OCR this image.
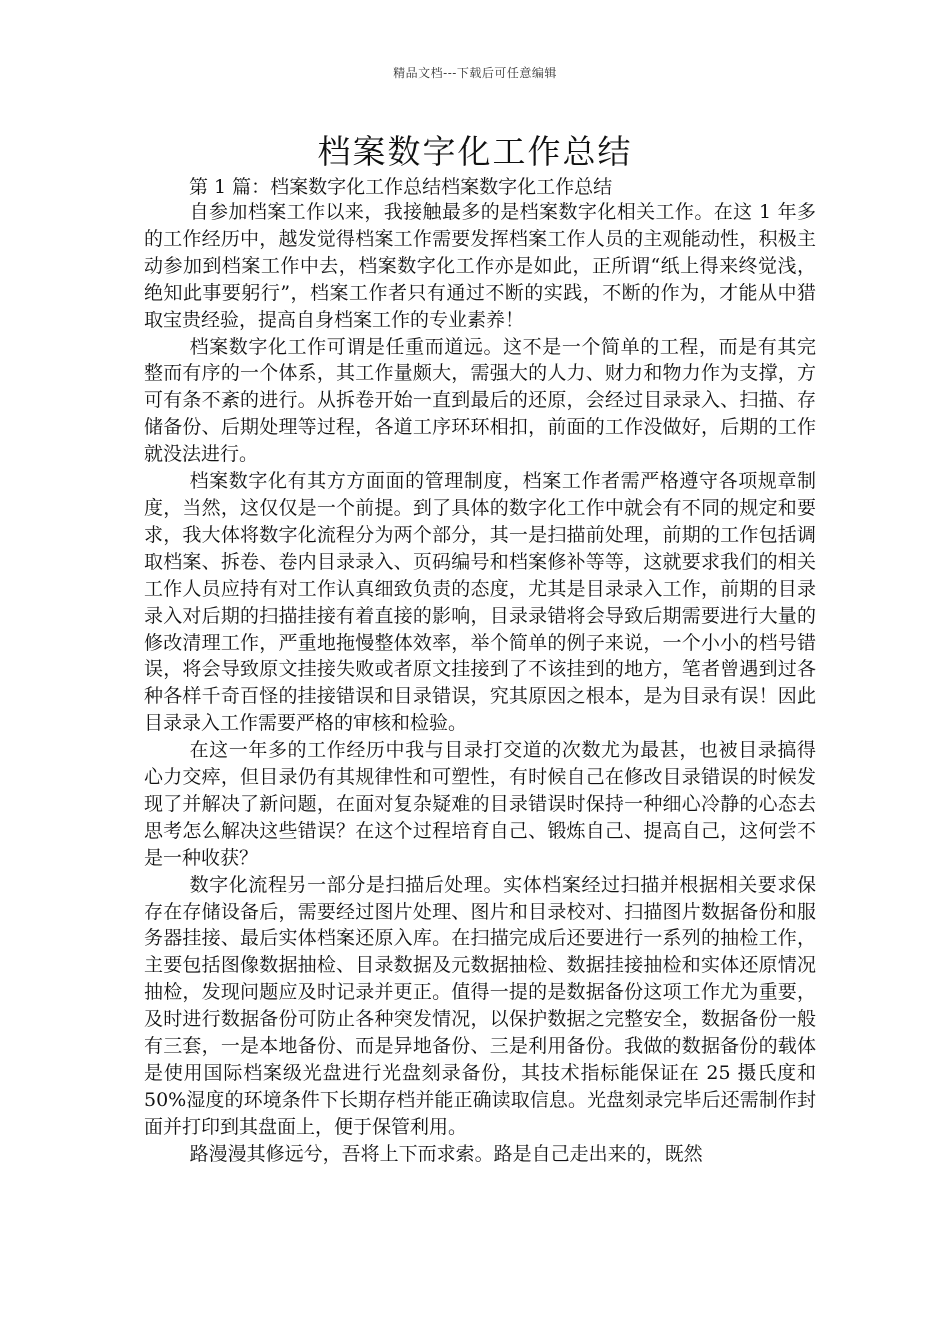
精品文档---下载后可任意编辑
档案数字化工作总结
第 1 篇：档案数字化工作总结档案数字化工作总结

自参加档案工作以来，我接触最多的是档案数字化相关工作。在这 1 年多的工作经历中，越发觉得档案工作需要发挥档案工作人员的主观能动性，积极主动参加到档案工作中去，档案数字化工作亦是如此，正所谓“纸上得来终觉浅，绝知此事要躬行”，档案工作者只有通过不断的实践，不断的作为，才能从中猎取宝贵经验，提高自身档案工作的专业素养！

档案数字化工作可谓是任重而道远。这不是一个简单的工程，而是有其完整而有序的一个体系，其工作量颇大，需强大的人力、财力和物力作为支撑，方可有条不紊的进行。从拆卷开始一直到最后的还原，会经过目录录入、扫描、存储备份、后期处理等过程，各道工序环环相扣，前面的工作没做好，后期的工作就没法进行。

档案数字化有其方方面面的管理制度，档案工作者需严格遵守各项规章制度，当然，这仅仅是一个前提。到了具体的数字化工作中就会有不同的规定和要求，我大体将数字化流程分为两个部分，其一是扫描前处理，前期的工作包括调取档案、拆卷、卷内目录录入、页码编号和档案修补等等，这就要求我们的相关工作人员应持有对工作认真细致负责的态度，尤其是目录录入工作，前期的目录录入对后期的扫描挂接有着直接的影响，目录录错将会导致后期需要进行大量的修改清理工作，严重地拖慢整体效率，举个简单的例子来说，一个小小的档号错误，将会导致原文挂接失败或者原文挂接到了不该挂到的地方，笔者曾遇到过各种各样千奇百怪的挂接错误和目录错误，究其原因之根本，是为目录有误！因此目录录入工作需要严格的审核和检验。

在这一年多的工作经历中我与目录打交道的次数尤为最甚，也被目录搞得心力交瘁，但目录仍有其规律性和可塑性，有时候自己在修改目录错误的时候发现了并解决了新问题，在面对复杂疑难的目录错误时保持一种细心冷静的心态去思考怎么解决这些错误？在这个过程培育自己、锻炼自己、提高自己，这何尝不是一种收获？

数字化流程另一部分是扫描后处理。实体档案经过扫描并根据相关要求保存在存储设备后，需要经过图片处理、图片和目录校对、扫描图片数据备份和服务器挂接、最后实体档案还原入库。在扫描完成后还要进行一系列的抽检工作，主要包括图像数据抽检、目录数据及元数据抽检、数据挂接抽检和实体还原情况抽检，发现问题应及时记录并更正。值得一提的是数据备份这项工作尤为重要，及时进行数据备份可防止各种突发情况，以保护数据之完整安全，数据备份一般有三套，一是本地备份、而是异地备份、三是利用备份。我做的数据备份的载体是使用国际档案级光盘进行光盘刻录备份，其技术指标能保证在 25 摄氏度和 50%湿度的环境条件下长期存档并能正确读取信息。光盘刻录完毕后还需制作封面并打印到其盘面上，便于保管利用。

路漫漫其修远兮，吾将上下而求索。路是自己走出来的，既然
